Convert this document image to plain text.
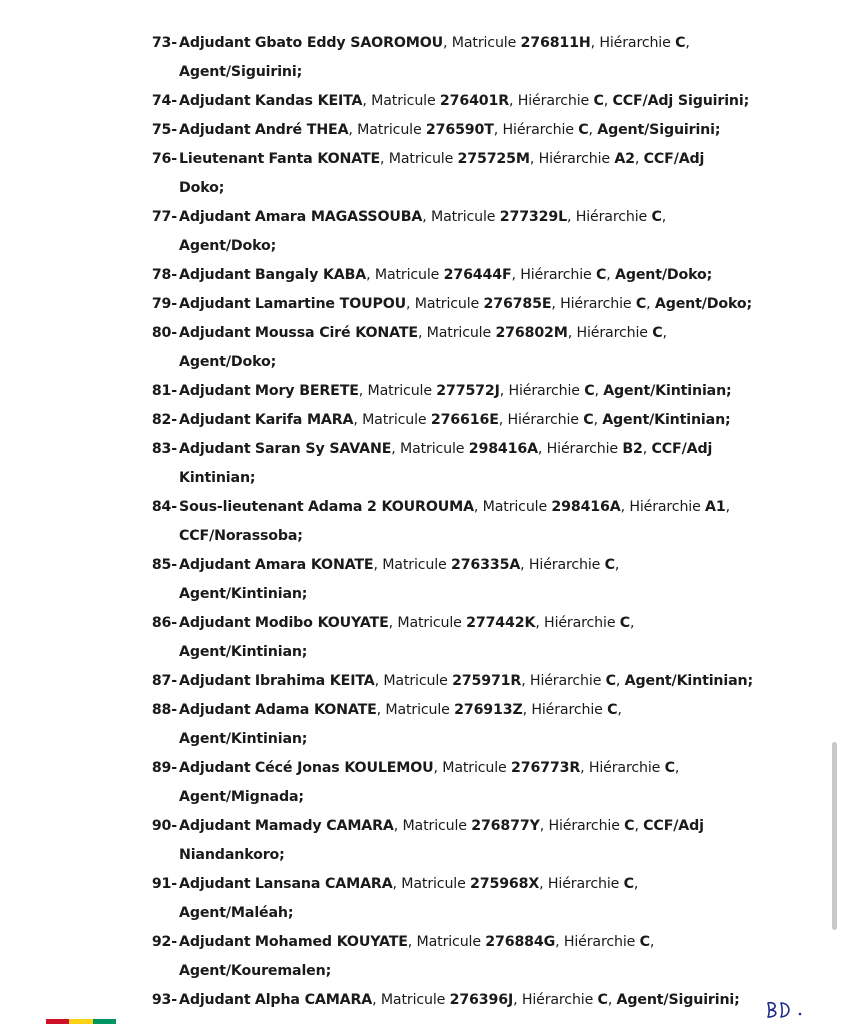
73- Adjudant Gbato Eddy SAOROMOU, Matricule 276811H, Hiérarchie C,
Agent/Siguirini;
74- Adjudant Kandas KEITA, Matricule 276401R, Hiérarchie C, CCF/Adj Siguirini;
75- Adjudant André THEA, Matricule 276590T, Hiérarchie C, Agent/Siguirini;
76- Lieutenant Fanta KONATE, Matricule 275725M, Hiérarchie A2, CCF/Adj
Doko;
77- Adjudant Amara MAGASSOUBA, Matricule 277329L, Hiérarchie C,
Agent/Doko;
78- Adjudant Bangaly KABA, Matricule 276444F, Hiérarchie C, Agent/Doko;
79- Adjudant Lamartine TOUPOU, Matricule 276785E, Hiérarchie C, Agent/Doko;
80- Adjudant Moussa Ciré KONATE, Matricule 276802M, Hiérarchie C,
Agent/Doko;
81- Adjudant Mory BERETE, Matricule 277572J, Hiérarchie C, Agent/Kintinian;
82- Adjudant Karifa MARA, Matricule 276616E, Hiérarchie C, Agent/Kintinian;
83- Adjudant Saran Sy SAVANE, Matricule 298416A, Hiérarchie B2, CCF/Adj
Kintinian;
84- Sous-lieutenant Adama 2 KOUROUMA, Matricule 298416A, Hiérarchie A1,
CCF/Norassoba;
85- Adjudant Amara KONATE, Matricule 276335A, Hiérarchie C,
Agent/Kintinian;
86- Adjudant Modibo KOUYATE, Matricule 277442K, Hiérarchie C,
Agent/Kintinian;
87- Adjudant Ibrahima KEITA, Matricule 275971R, Hiérarchie C, Agent/Kintinian;
88- Adjudant Adama KONATE, Matricule 276913Z, Hiérarchie C,
Agent/Kintinian;
89- Adjudant Cécé Jonas KOULEMOU, Matricule 276773R, Hiérarchie C,
Agent/Mignada;
90- Adjudant Mamady CAMARA, Matricule 276877Y, Hiérarchie C, CCF/Adj
Niandankoro;
91- Adjudant Lansana CAMARA, Matricule 275968X, Hiérarchie C,
Agent/Maléah;
92- Adjudant Mohamed KOUYATE, Matricule 276884G, Hiérarchie C,
Agent/Kouremalen;
93- Adjudant Alpha CAMARA, Matricule 276396J, Hiérarchie C, Agent/Siguirini;
